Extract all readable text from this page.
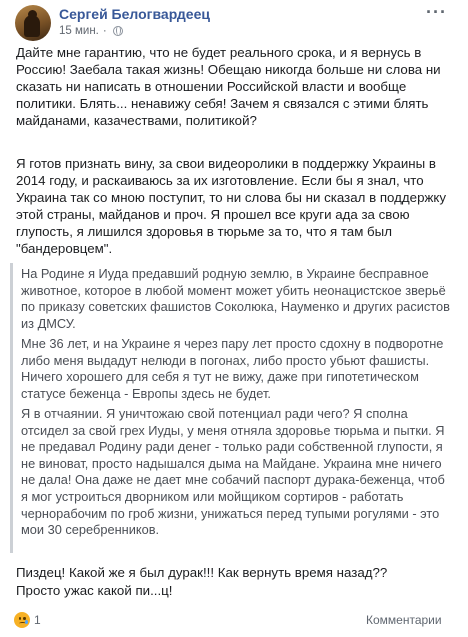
Сергей Белогвардеец
15 мин. ·
···
Дайте мне гарантию, что не будет реального срока, и я вернусь в Россию! Заебала такая жизнь! Обещаю никогда больше ни слова ни сказать ни написать в отношении Российской власти и вообще политики. Блять... ненавижу себя! Зачем я связался с этими блять майданами, казачествами, политикой?
Я готов признать вину, за свои видеоролики в поддержку Украины в 2014 году, и раскаиваюсь за их изготовление. Если бы я знал, что Украина так со мною поступит, то ни слова бы ни сказал в поддержку этой страны, майданов и проч. Я прошел все круги ада за свою глупость, я лишился здоровья в тюрьме за то, что я там был "бандеровцем".
На Родине я Иуда предавший родную землю, в Украине бесправное животное, которое в любой момент может убить неонацистское зверьё по приказу советских фашистов Соколюка, Науменко и других расистов из ДМСУ.
Мне 36 лет, и на Украине я через пару лет просто сдохну в подворотне либо меня выдадут нелюди в погонах, либо просто убьют фашисты. Ничего хорошего для себя я тут не вижу, даже при гипотетическом статусе беженца - Европы здесь не будет.
Я в отчаянии. Я уничтожаю свой потенциал ради чего? Я сполна отсидел за свой грех Иуды, у меня отняла здоровье тюрьма и пытки. Я не предавал Родину ради денег - только ради собственной глупости, я не виноват, просто надышался дыма на Майдане. Украина мне ничего не дала! Она даже не дает мне собачий паспорт дурака-беженца, чтоб я мог устроиться дворником или мойщиком сортиров - работать чернорабочим по гроб жизни, унижаться перед тупыми рогулями - это мои 30 серебренников.
Пиздец! Какой же я был дурак!!! Как вернуть время назад??
Просто ужас какой пи...ц!
1	Комментарии
